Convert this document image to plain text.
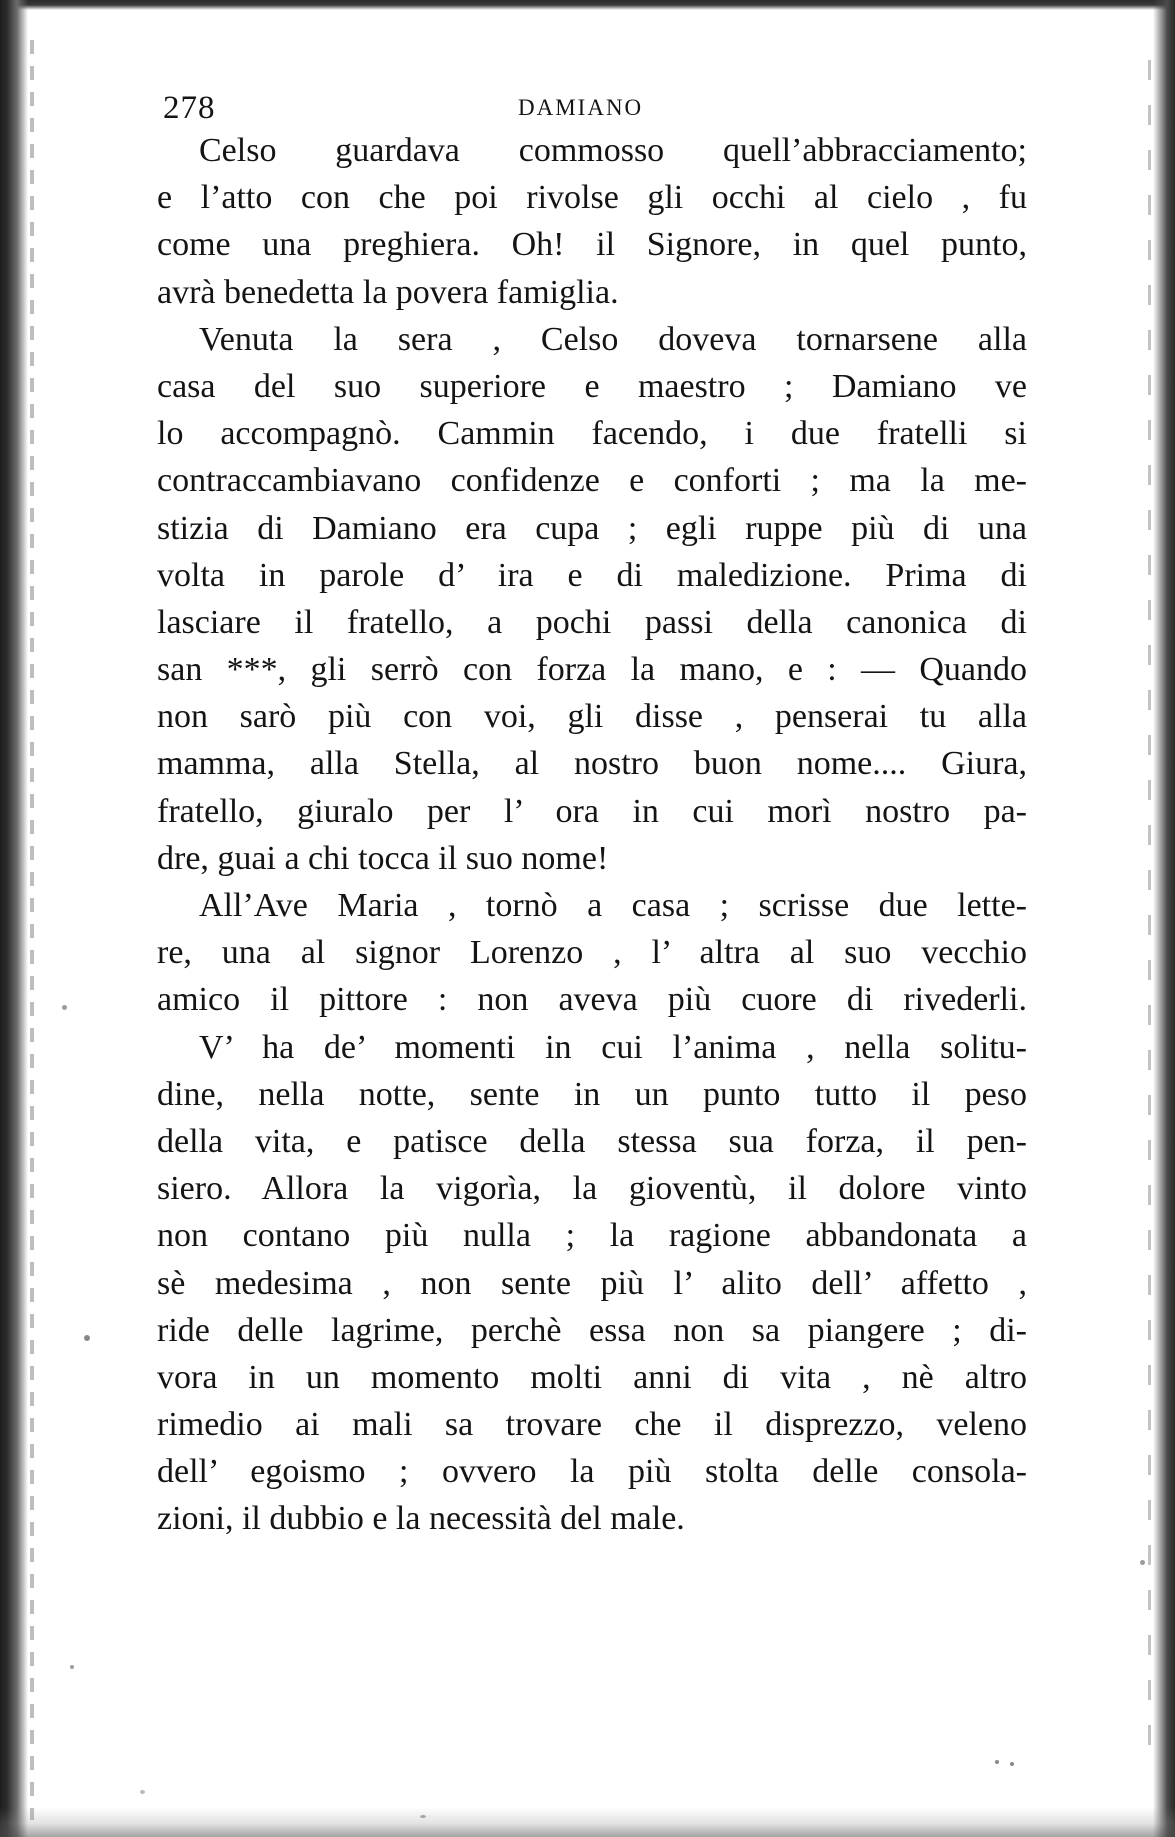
278	DAMIANO
Celso guardava commosso quell’abbracciamento;
e l’atto con che poi rivolse gli occhi al cielo , fu
come una preghiera. Oh! il Signore, in quel punto,
avrà benedetta la povera famiglia.
Venuta la sera , Celso doveva tornarsene alla
casa del suo superiore e maestro ; Damiano ve
lo accompagnò. Cammin facendo, i due fratelli si
contraccambiavano confidenze e conforti ; ma la me-
stizia di Damiano era cupa ; egli ruppe più di una
volta in parole d’ ira e di maledizione. Prima di
lasciare il fratello, a pochi passi della canonica di
san ***, gli serrò con forza la mano, e : — Quando
non sarò più con voi, gli disse , penserai tu alla
mamma, alla Stella, al nostro buon nome.... Giura,
fratello, giuralo per l’ ora in cui morì nostro pa-
dre, guai a chi tocca il suo nome!
All’Ave Maria , tornò a casa ; scrisse due lette-
re, una al signor Lorenzo , l’ altra al suo vecchio
amico il pittore : non aveva più cuore di rivederli.
V’ ha de’ momenti in cui l’anima , nella solitu-
dine, nella notte, sente in un punto tutto il peso
della vita, e patisce della stessa sua forza, il pen-
siero. Allora la vigorìa, la gioventù, il dolore vinto
non contano più nulla ; la ragione abbandonata a
sè medesima , non sente più l’ alito dell’ affetto ,
ride delle lagrime, perchè essa non sa piangere ; di-
vora in un momento molti anni di vita , nè altro
rimedio ai mali sa trovare che il disprezzo, veleno
dell’ egoismo ; ovvero la più stolta delle consola-
zioni, il dubbio e la necessità del male.
